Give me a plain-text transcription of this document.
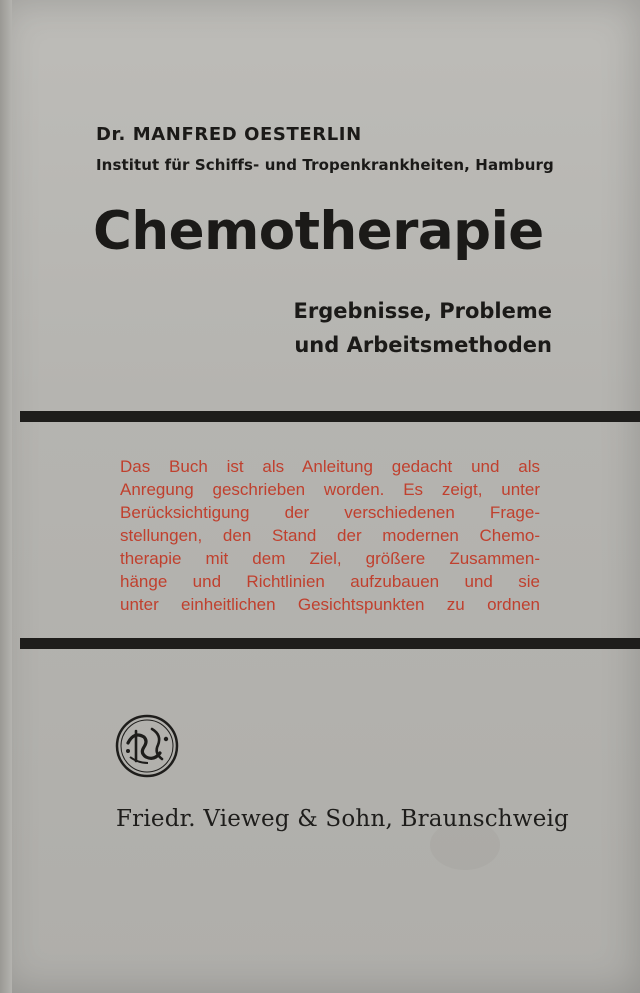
Dr. MANFRED OESTERLIN
Institut für Schiffs- und Tropenkrankheiten, Hamburg
Chemotherapie

Ergebnisse, Probleme
und Arbeitsmethoden

Das Buch ist als Anleitung gedacht und als
Anregung geschrieben worden. Es zeigt, unter
Berücksichtigung der verschiedenen Frage-
stellungen, den Stand der modernen Chemo-
therapie mit dem Ziel, größere Zusammen-
hänge und Richtlinien aufzubauen und sie
unter einheitlichen Gesichtspunkten zu ordnen

Friedr. Vieweg & Sohn, Braunschweig
